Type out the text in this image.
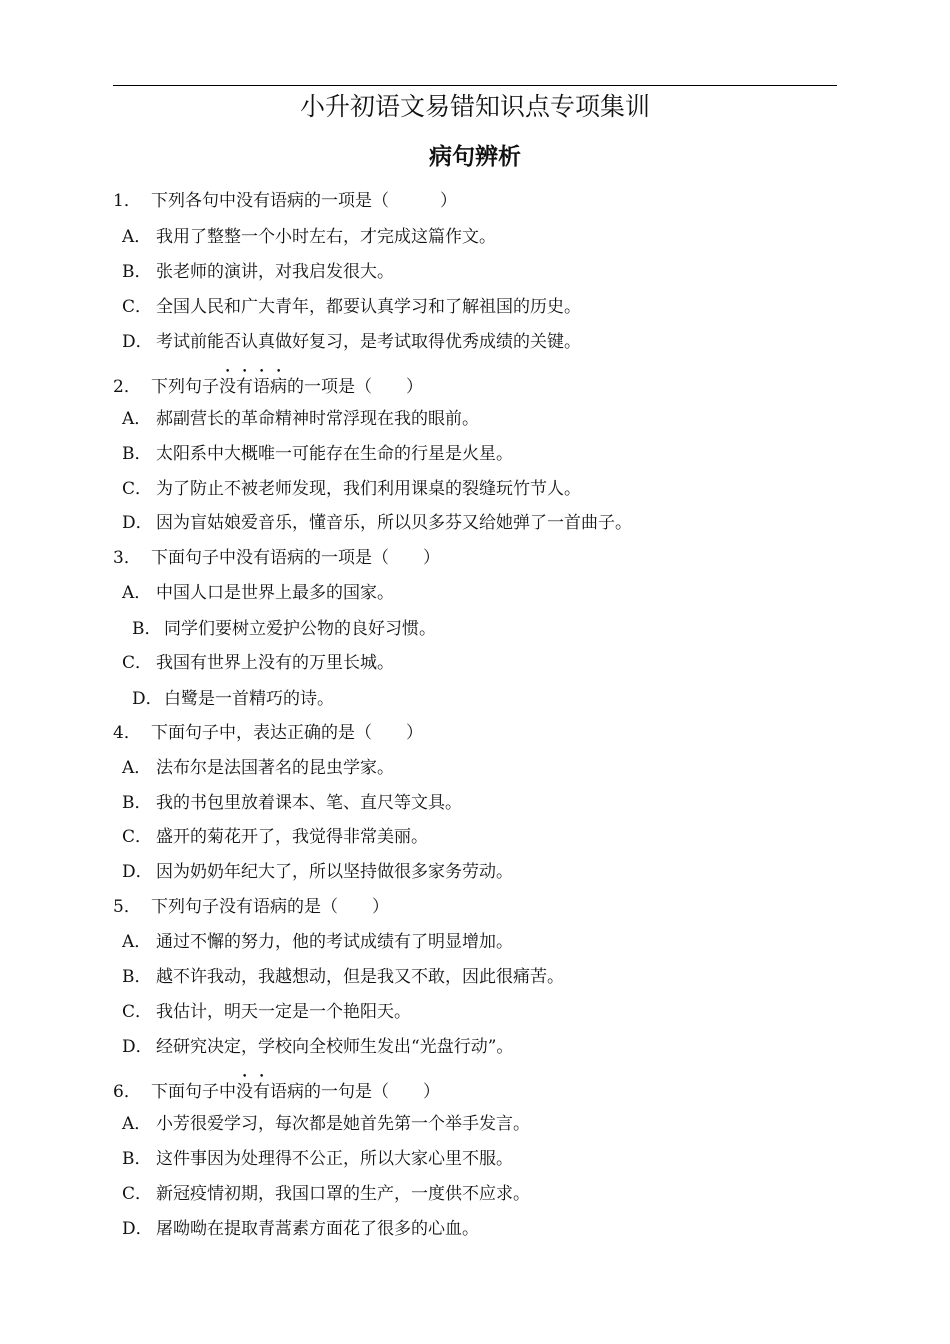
小升初语文易错知识点专项集训
病句辨析
1． 下列各句中没有语病的一项是（　　　）
A． 我用了整整一个小时左右，才完成这篇作文。
B． 张老师的演讲，对我启发很大。
C． 全国人民和广大青年，都要认真学习和了解祖国的历史。
D． 考试前能否认真做好复习，是考试取得优秀成绩的关键。
2． 下列句子没有语病的一项是（　　）
A． 郝副营长的革命精神时常浮现在我的眼前。
B． 太阳系中大概唯一可能存在生命的行星是火星。
C． 为了防止不被老师发现，我们利用课桌的裂缝玩竹节人。
D． 因为盲姑娘爱音乐，懂音乐，所以贝多芬又给她弹了一首曲子。
3． 下面句子中没有语病的一项是（　　）
A． 中国人口是世界上最多的国家。
B． 同学们要树立爱护公物的良好习惯。
C． 我国有世界上没有的万里长城。
D．白鹭是一首精巧的诗。
4． 下面句子中，表达正确的是（　　）
A． 法布尔是法国著名的昆虫学家。
B． 我的书包里放着课本、笔、直尺等文具。
C． 盛开的菊花开了，我觉得非常美丽。
D． 因为奶奶年纪大了，所以坚持做很多家务劳动。
5． 下列句子没有语病的是（　　）
A． 通过不懈的努力，他的考试成绩有了明显增加。
B． 越不许我动，我越想动，但是我又不敢，因此很痛苦。
C． 我估计，明天一定是一个艳阳天。
D． 经研究决定，学校向全校师生发出“光盘行动”。
6． 下面句子中没有语病的一句是（　　）
A． 小芳很爱学习，每次都是她首先第一个举手发言。
B． 这件事因为处理得不公正，所以大家心里不服。
C． 新冠疫情初期，我国口罩的生产，一度供不应求。
D． 屠呦呦在提取青蒿素方面花了很多的心血。
